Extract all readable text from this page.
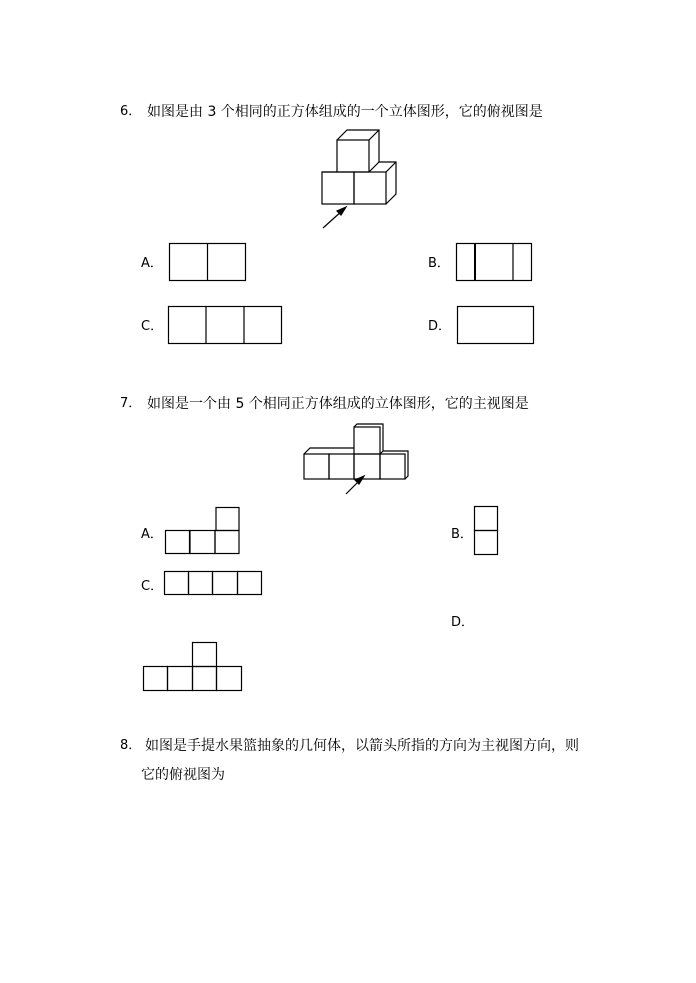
6． 如图是由 3 个相同的正方体组成的一个立体图形，它的俯视图是
A．	B．
C．	D．
7． 如图是一个由 5 个相同正方体组成的立体图形，它的主视图是
A．	B．
C．
D．
8． 如图是手提水果篮抽象的几何体，以箭头所指的方向为主视图方向，则
它的俯视图为
